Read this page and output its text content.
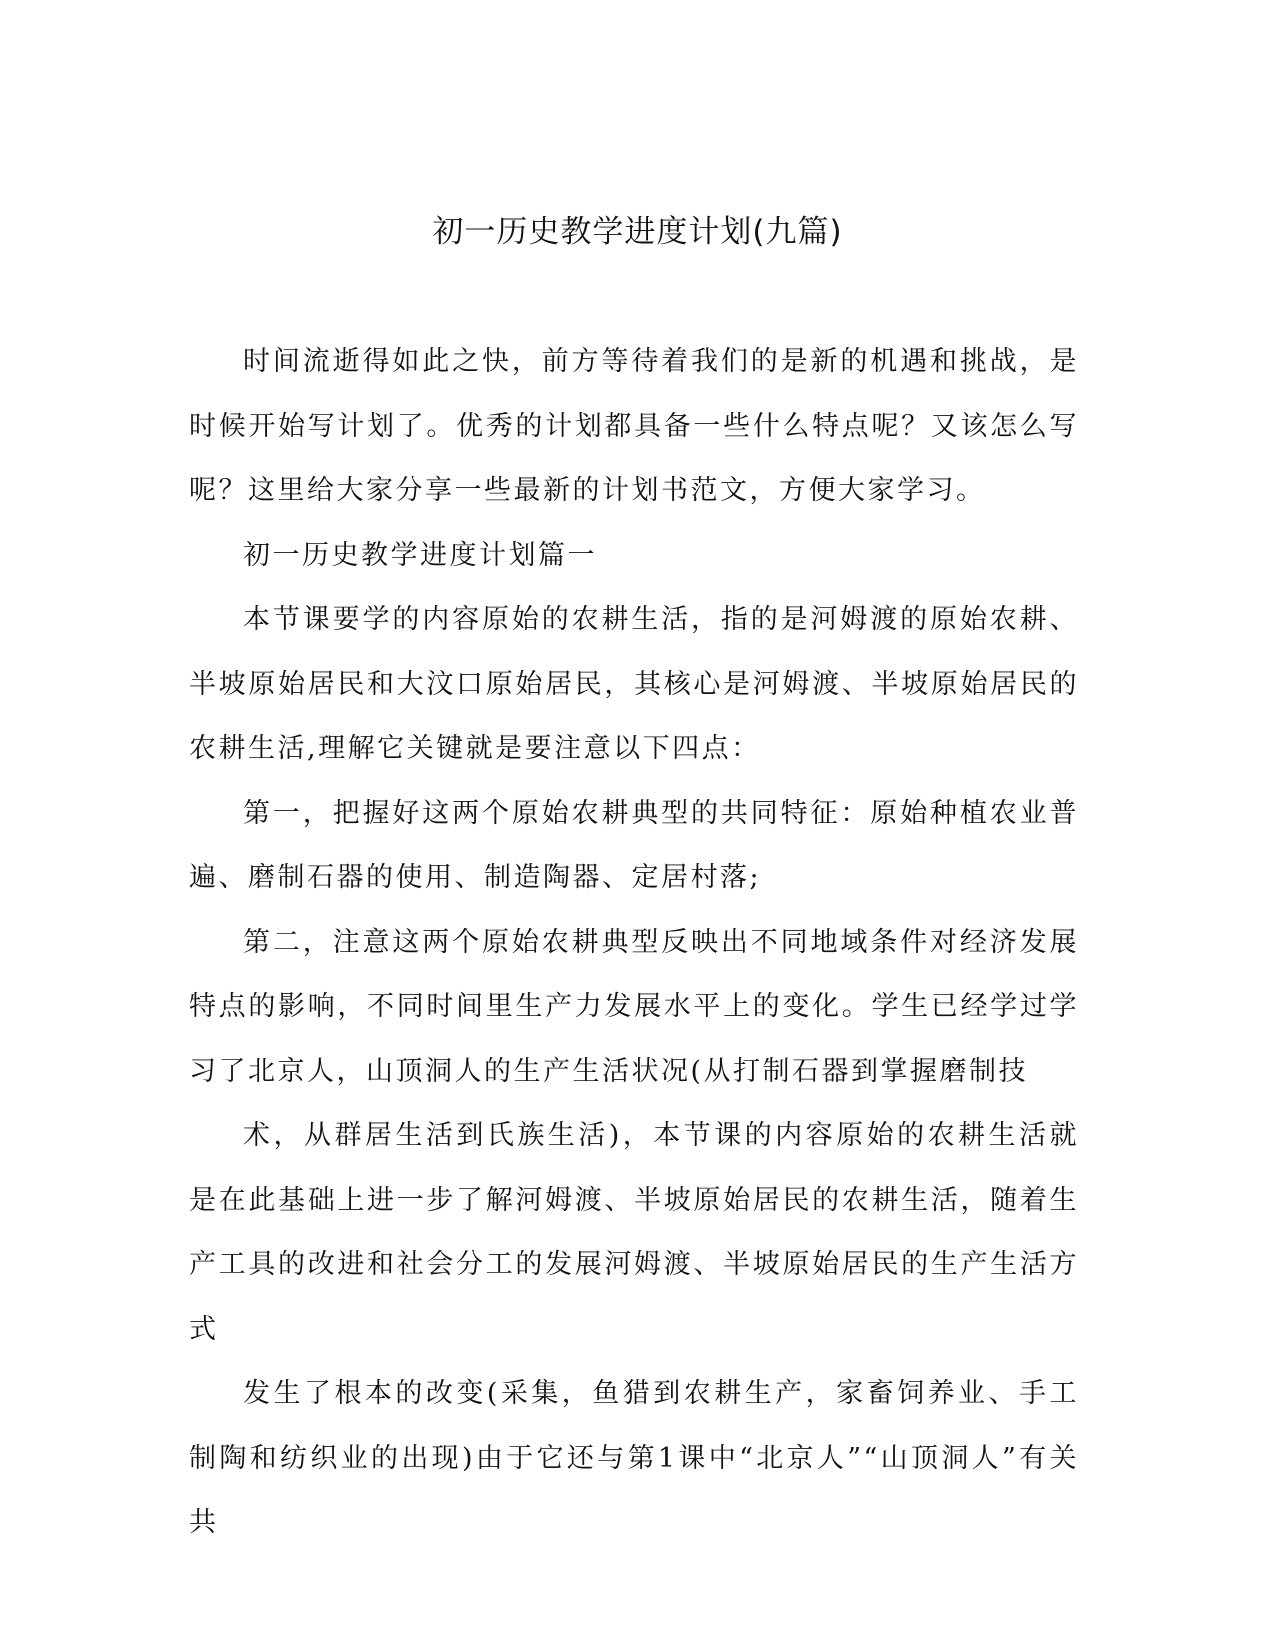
初一历史教学进度计划(九篇)

时间流逝得如此之快，前方等待着我们的是新的机遇和挑战，是时候开始写计划了。优秀的计划都具备一些什么特点呢？又该怎么写呢？这里给大家分享一些最新的计划书范文，方便大家学习。

初一历史教学进度计划篇一

本节课要学的内容原始的农耕生活，指的是河姆渡的原始农耕、半坡原始居民和大汶口原始居民，其核心是河姆渡、半坡原始居民的农耕生活,理解它关键就是要注意以下四点：

第一，把握好这两个原始农耕典型的共同特征：原始种植农业普遍、磨制石器的使用、制造陶器、定居村落;

第二，注意这两个原始农耕典型反映出不同地域条件对经济发展特点的影响，不同时间里生产力发展水平上的变化。学生已经学过学习了北京人，山顶洞人的生产生活状况(从打制石器到掌握磨制技

术，从群居生活到氏族生活)，本节课的内容原始的农耕生活就是在此基础上进一步了解河姆渡、半坡原始居民的农耕生活，随着生产工具的改进和社会分工的发展河姆渡、半坡原始居民的生产生活方式

发生了根本的改变(采集，鱼猎到农耕生产，家畜饲养业、手工制陶和纺织业的出现)由于它还与第1课中“北京人”“山顶洞人”有关共
